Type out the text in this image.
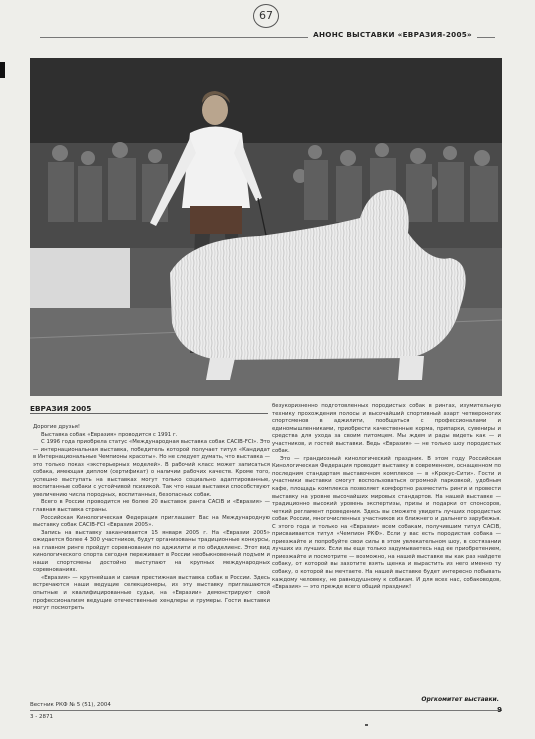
67
АНОНС ВЫСТАВКИ «ЕВРАЗИЯ-2005»
ЕВРАЗИЯ 2005

Дорогие друзья!

Выставка собак «Евразия» проводится с 1991 г.

С 1996 года приобрела статус «Международная выставка собак CACIB-FCI». Это — интернациональная выставка, победитель которой получает титул «Кандидат в Интернациональные Чемпионы красоты». Но не следует думать, что выставка — это только показ «экстерьерных моделей». В рабочий класс может записаться собака, имеющая диплом (сертификат) о наличии рабочих качеств. Кроме того, успешно выступать на выставках могут только социально адаптированные, воспитанные собаки с устойчивой психикой. Так что наши выставки способствуют увеличению числа породных, воспитанных, безопасных собак.

Всего в России проводится не более 20 выставок ранга CACIB и «Евразия» — главная выставка страны.

Российская Кинологическая Федерация приглашает Вас на Международную выставку собак CACIB-FCI «Евразия 2005».

Запись на выставку заканчивается 15 января 2005 г. На «Евразии 2005» ожидается более 4 300 участников, будут организованы традиционные конкурсы, на главном ринге пройдут соревнования по аджилити и по обиделиенс. Этот вид кинологического спорта сегодня переживает в России необыкновенный подъем и наши спортсмены достойно выступают на крупных международных соревнованиях.

«Евразия» — крупнейшая и самая престижная выставка собак в России. Здесь встречаются наши ведущие селекционеры, из эту выставку приглашаются опытные и квалифицированные судьи, на «Евразии» демонстрируют свой профессионализм ведущие отечественные хендлеры и грумеры. Гости выставки могут посмотреть

безукоризненно подготовленных породистых собак в рингах, изумительную технику прохождения полосы и высочайший спортивный азарт четвероногих спортсменов в аджилити, пообщаться с профессионалами и единомышленниками, приобрести качественные корма, припарки, сувениры и средства для ухода за своим питомцем. Мы ждем и рады видеть как — и участников, и гостей выставки. Ведь «Евразия» — не только шоу породистых собак.

Это — грандиозный кинологический праздник. В этом году Российская Кинологическая Федерация проводит выставку в современном, оснащенном по последним стандартам выставочном комплексе — в «Крокус-Сити». Гости и участники выставки смогут воспользоваться огромной парковкой, удобным кафе, площадь комплекса позволяет комфортно разместить ринги и провести выставку на уровне высочайших мировых стандартов. На нашей выставке — традиционно высокий уровень экспертизы, призы и подарки от спонсоров, четкий регламент проведения. Здесь вы сможете увидеть лучших породистых собак России, многочисленных участников из ближнего и дальнего зарубежья. С этого года и только на «Евразии» всем собакам, получившим титул CACIB, присваивается титул «Чемпион РКФ». Если у вас есть породистая собака — приезжайте и попробуйте свои силы в этом увлекательном шоу, в состязании лучших из лучших. Если вы еще только задумываетесь над ее приобретением, приезжайте и посмотрите — возможно, на нашей выставке вы как раз найдете собаку, от которой вы захотите взять щенка и вырастить из него именно ту собаку, о которой вы мечтаете. На нашей выставке будет интересно побывать каждому человеку, не равнодушному к собакам. И для всех нас, собаководов, «Евразия» — это прежде всего общий праздник!

Оргкомитет выставки.
Вестник РКФ № 5 (51), 2004
9
3 - 2871
